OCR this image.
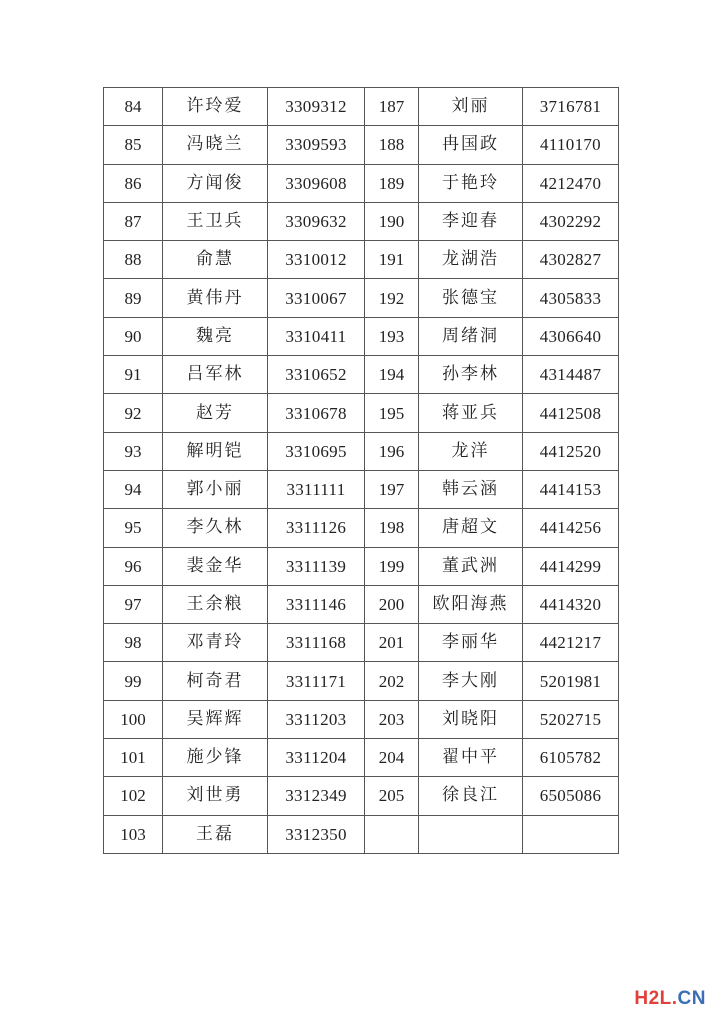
84	许玲爱	3309312	187	刘丽	3716781
85	冯晓兰	3309593	188	冉国政	4110170
86	方闻俊	3309608	189	于艳玲	4212470
87	王卫兵	3309632	190	李迎春	4302292
88	俞慧	3310012	191	龙湖浩	4302827
89	黄伟丹	3310067	192	张德宝	4305833
90	魏亮	3310411	193	周绪洞	4306640
91	吕军林	3310652	194	孙李林	4314487
92	赵芳	3310678	195	蒋亚兵	4412508
93	解明铠	3310695	196	龙洋	4412520
94	郭小丽	3311111	197	韩云涵	4414153
95	李久林	3311126	198	唐超文	4414256
96	裴金华	3311139	199	董武洲	4414299
97	王余粮	3311146	200	欧阳海燕	4414320
98	邓青玲	3311168	201	李丽华	4421217
99	柯奇君	3311171	202	李大刚	5201981
100	吴辉辉	3311203	203	刘晓阳	5202715
101	施少锋	3311204	204	翟中平	6105782
102	刘世勇	3312349	205	徐良江	6505086
103	王磊	3312350			
H2L.CN
